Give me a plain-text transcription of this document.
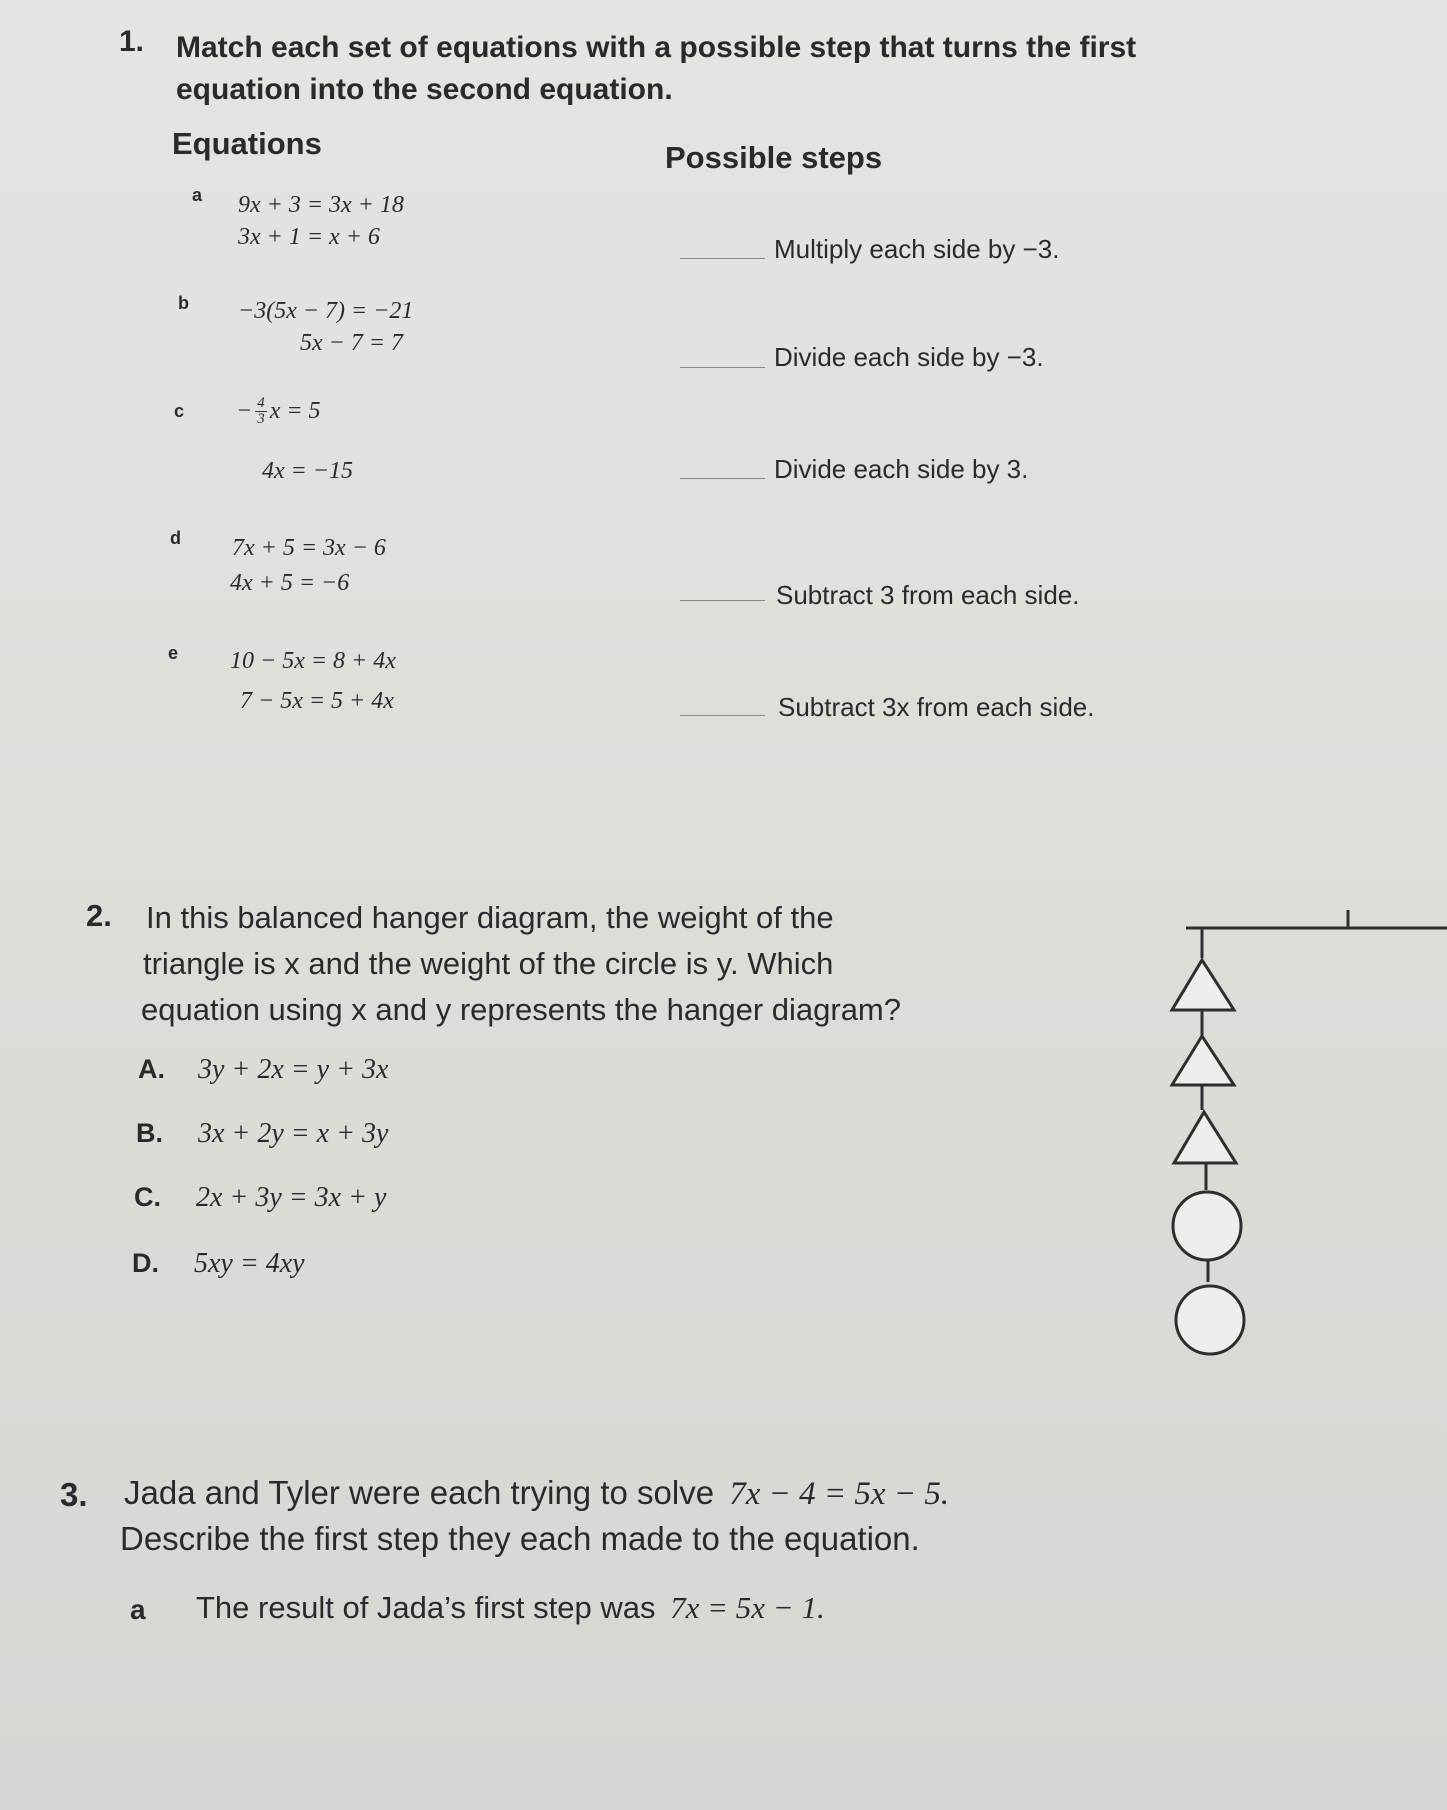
1. Match each set of equations with a possible step that turns the first
equation into the second equation.
Equations	Possible steps
a 9x + 3 = 3x + 18
3x + 1 = x + 6
b −3(5x − 7) = −21
5x − 7 = 7
$c - \frac{4}{3}$ x = 5
4x = −15
d 7x + 5 = 3x − 6
4x + 5 = −6
e 10 − 5x = 8 + 4x
7 − 5x = 5 + 4x
Multiply each side by −3.
Divide each side by −3.
Divide each side by 3.
Subtract 3 from each side.
Subtract 3x from each side.
2. In this balanced hanger diagram, the weight of the
triangle is x and the weight of the circle is y. Which
equation using x and y represents the hanger diagram?
A. 3y + 2x = y + 3x
B. 3x + 2y = x + 3y
C. 2x + 3y = 3x + y
D. 5xy = 4xy
3. Jada and Tyler were each trying to solve 7x − 4 = 5x − 5.
Describe the first step they each made to the equation.
a The result of Jada’s first step was 7x = 5x − 1.
